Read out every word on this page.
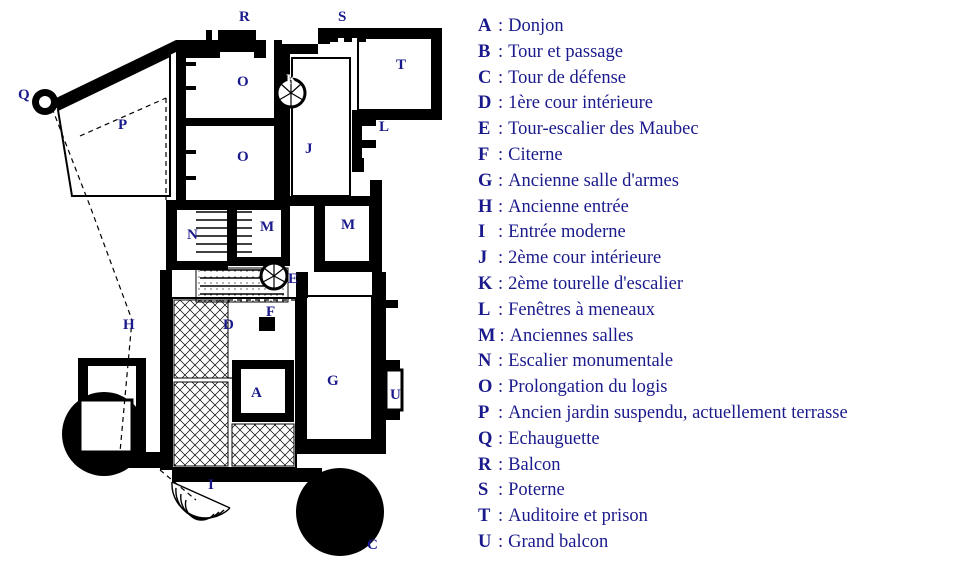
Q
R	S
T
O K
P	L
O	J
N	M	M
E
H	D
F
G
U
A
B
I
C
A : Donjon
B : Tour et passage
C : Tour de défense
D : 1ère cour intérieure
E : Tour-escalier des Maubec
F : Citerne
G : Ancienne salle d'armes
H : Ancienne entrée
I : Entrée moderne
J : 2ème cour intérieure
K : 2ème tourelle d'escalier
L : Fenêtres à meneaux
M : Anciennes salles
N : Escalier monumentale
O : Prolongation du logis
P : Ancien jardin suspendu, actuellement terrasse
Q : Echauguette
R : Balcon
S : Poterne
T : Auditoire et prison
U : Grand balcon
